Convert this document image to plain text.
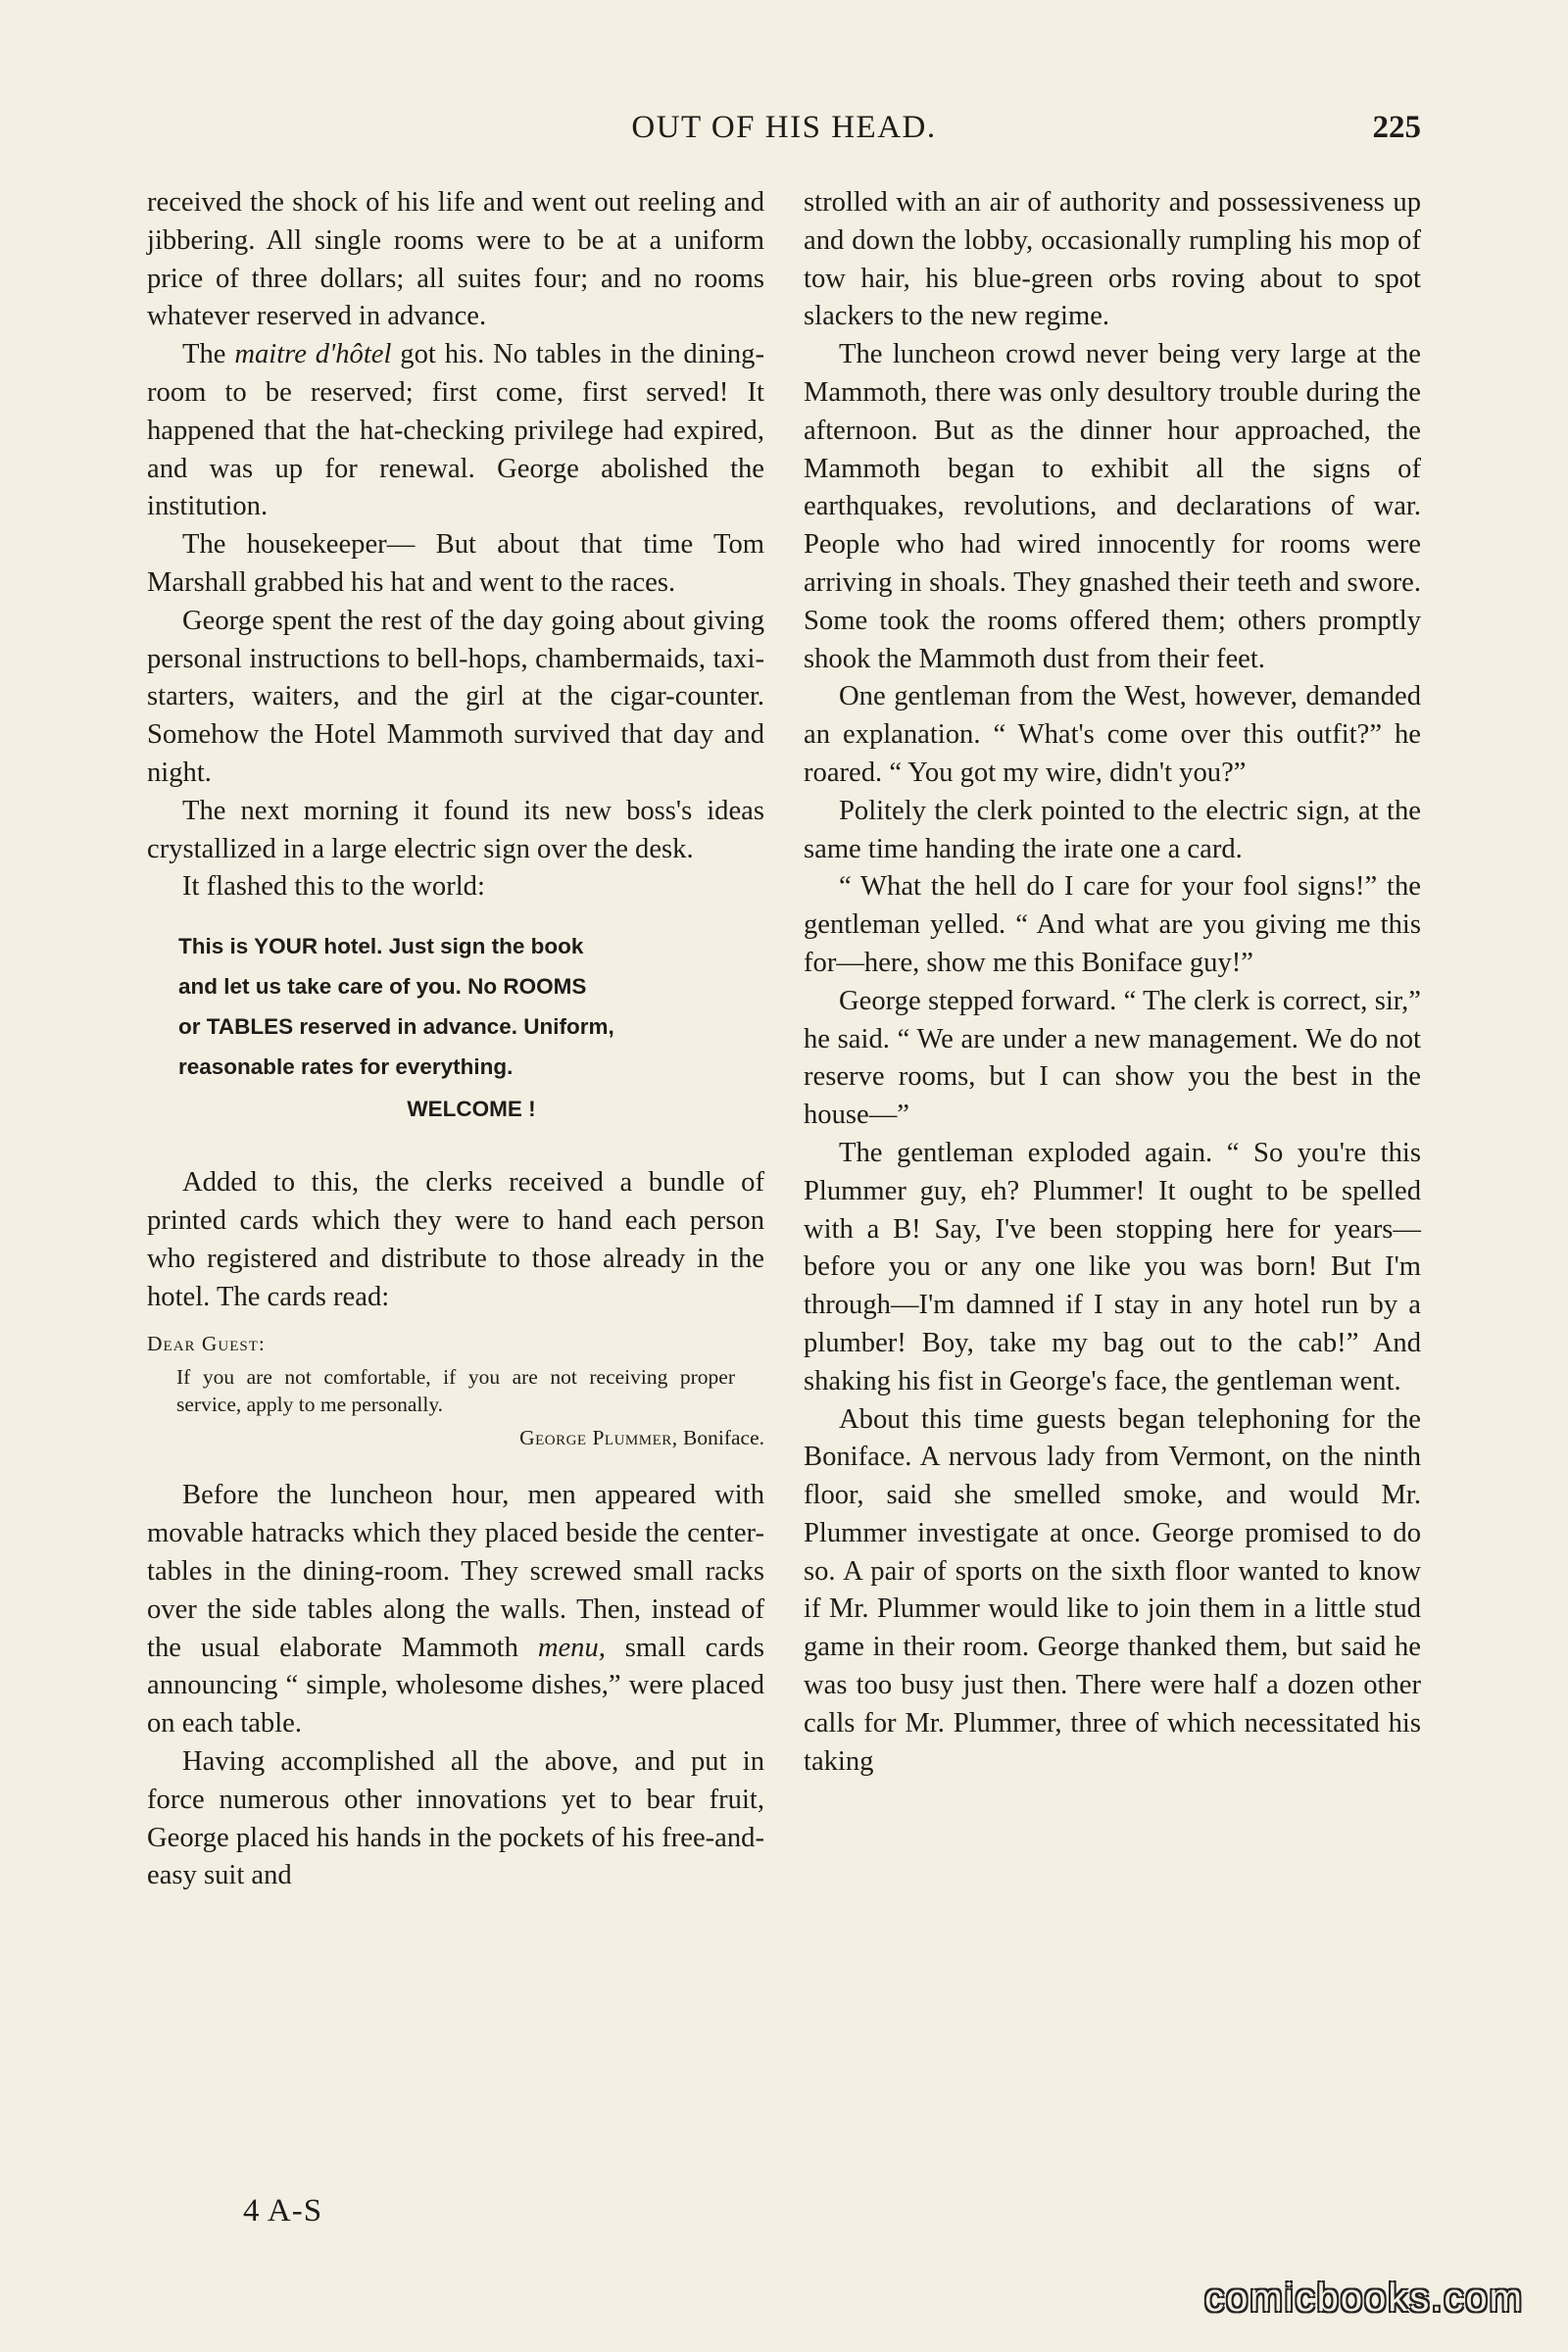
OUT OF HIS HEAD.	225

received the shock of his life and went out reeling and jibbering. All single rooms were to be at a uniform price of three dollars; all suites four; and no rooms whatever reserved in advance.

The maitre d'hôtel got his. No tables in the dining-room to be reserved; first come, first served! It happened that the hat-checking privilege had expired, and was up for renewal. George abolished the institution.

The housekeeper— But about that time Tom Marshall grabbed his hat and went to the races.

George spent the rest of the day going about giving personal instructions to bell-hops, chambermaids, taxi-starters, waiters, and the girl at the cigar-counter. Somehow the Hotel Mammoth survived that day and night.

The next morning it found its new boss's ideas crystallized in a large electric sign over the desk.

It flashed this to the world:

This is YOUR hotel. Just sign the book
and let us take care of you. No ROOMS
or TABLES reserved in advance. Uniform,
reasonable rates for everything.
WELCOME !

Added to this, the clerks received a bundle of printed cards which they were to hand each person who registered and distribute to those already in the hotel. The cards read:

Dear Guest:
If you are not comfortable, if you are not receiving proper service, apply to me personally.
George Plummer, Boniface.

Before the luncheon hour, men appeared with movable hatracks which they placed beside the center-tables in the dining-room. They screwed small racks over the side tables along the walls. Then, instead of the usual elaborate Mammoth menu, small cards announcing “ simple, wholesome dishes,” were placed on each table.

Having accomplished all the above, and put in force numerous other innovations yet to bear fruit, George placed his hands in the pockets of his free-and-easy suit and

strolled with an air of authority and possessiveness up and down the lobby, occasionally rumpling his mop of tow hair, his blue-green orbs roving about to spot slackers to the new regime.

The luncheon crowd never being very large at the Mammoth, there was only desultory trouble during the afternoon. But as the dinner hour approached, the Mammoth began to exhibit all the signs of earthquakes, revolutions, and declarations of war. People who had wired innocently for rooms were arriving in shoals. They gnashed their teeth and swore. Some took the rooms offered them; others promptly shook the Mammoth dust from their feet.

One gentleman from the West, however, demanded an explanation. “ What's come over this outfit?” he roared. “ You got my wire, didn't you?”

Politely the clerk pointed to the electric sign, at the same time handing the irate one a card.

“ What the hell do I care for your fool signs!” the gentleman yelled. “ And what are you giving me this for—here, show me this Boniface guy!”

George stepped forward. “ The clerk is correct, sir,” he said. “ We are under a new management. We do not reserve rooms, but I can show you the best in the house—”

The gentleman exploded again. “ So you're this Plummer guy, eh? Plummer! It ought to be spelled with a B! Say, I've been stopping here for years—before you or any one like you was born! But I'm through—I'm damned if I stay in any hotel run by a plumber! Boy, take my bag out to the cab!” And shaking his fist in George's face, the gentleman went.

About this time guests began telephoning for the Boniface. A nervous lady from Vermont, on the ninth floor, said she smelled smoke, and would Mr. Plummer investigate at once. George promised to do so. A pair of sports on the sixth floor wanted to know if Mr. Plummer would like to join them in a little stud game in their room. George thanked them, but said he was too busy just then. There were half a dozen other calls for Mr. Plummer, three of which necessitated his taking

4 A-S
comicbooks.com
